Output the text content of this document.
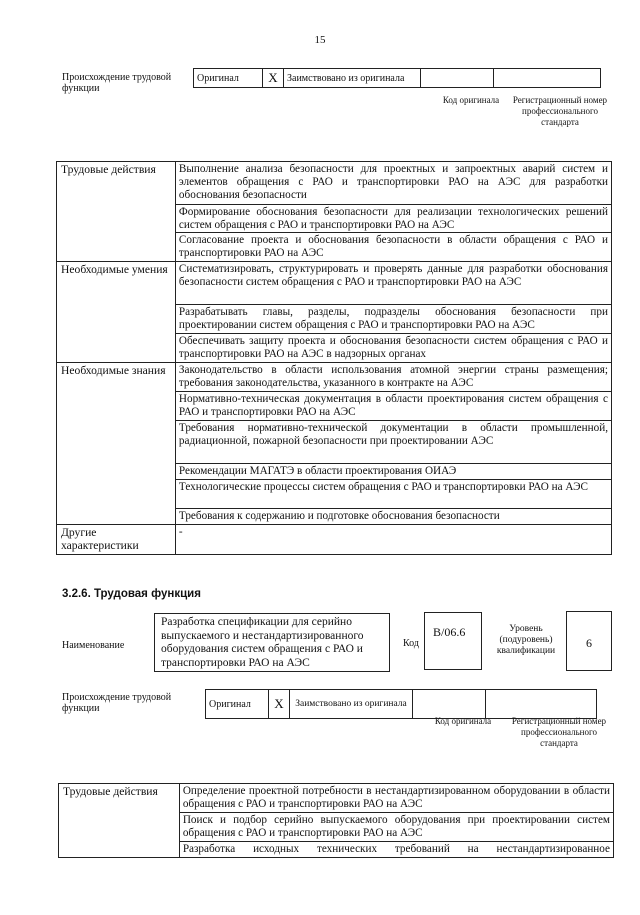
15
Происхождение трудовой функции
Оригинал	X	Заимствовано из оригинала		
Код оригинала	Регистрационный номер профессионального стандарта
Трудовые действия	Выполнение анализа безопасности для проектных и запроектных аварий систем и элементов обращения с РАО и транспортировки РАО на АЭС для разработки обоснования безопасности
	Формирование обоснования безопасности для реализации технологических решений систем обращения с РАО и транспортировки РАО на АЭС
	Согласование проекта и обоснования безопасности в области обращения с РАО и транспортировки РАО на АЭС
Необходимые умения	Систематизировать, структурировать и проверять данные для разработки обоснования безопасности систем обращения с РАО и транспортировки РАО на АЭС
	Разрабатывать главы, разделы, подразделы обоснования безопасности при проектировании систем обращения с РАО и транспортировки РАО на АЭС
	Обеспечивать защиту проекта и обоснования безопасности систем обращения с РАО и транспортировки РАО на АЭС в надзорных органах
Необходимые знания	Законодательство в области использования атомной энергии страны размещения; требования законодательства, указанного в контракте на АЭС
	Нормативно-техническая документация в области проектирования систем обращения с РАО и транспортировки РАО на АЭС
	Требования нормативно-технической документации в области промышленной, радиационной, пожарной безопасности при проектировании АЭС
	Рекомендации МАГАТЭ в области проектирования ОИАЭ
	Технологические процессы систем обращения с РАО и транспортировки РАО на АЭС
	Требования к содержанию и подготовке обоснования безопасности
Другие характеристики	-
3.2.6. Трудовая функция
Наименование
Разработка спецификации для серийно выпускаемого и нестандартизированного оборудования систем обращения с РАО и транспортировки РАО на АЭС
Код
В/06.6	Уровень (подуровень) квалификации
6
Происхождение трудовой функции	Оригинал	X	Заимствовано из оригинала		
Код оригинала	Регистрационный номер профессионального стандарта
Трудовые действия	Определение проектной потребности в нестандартизированном оборудовании в области обращения с РАО и транспортировки РАО на АЭС
Поиск и подбор серийно выпускаемого оборудования при проектировании систем обращения с РАО и транспортировки РАО на АЭС
Разработка исходных технических требований на нестандартизированное
